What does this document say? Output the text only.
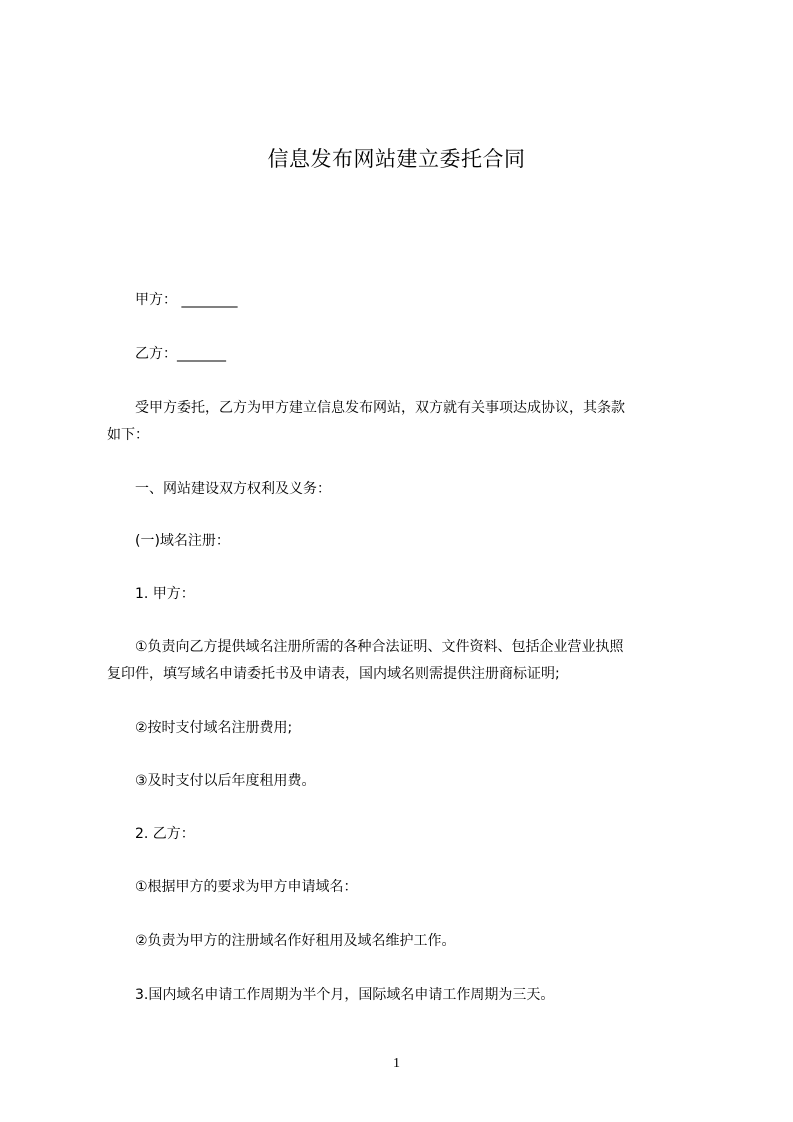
信息发布网站建立委托合同
甲方： ________
乙方：_______
受甲方委托，乙方为甲方建立信息发布网站，双方就有关事项达成协议，其条款
如下：
一、网站建设双方权利及义务：
(一)域名注册：
1. 甲方：
①负责向乙方提供域名注册所需的各种合法证明、文件资料、包括企业营业执照
复印件，填写域名申请委托书及申请表，国内域名则需提供注册商标证明;
②按时支付域名注册费用;
③及时支付以后年度租用费。
2. 乙方：
①根据甲方的要求为甲方申请域名：
②负责为甲方的注册域名作好租用及域名维护工作。
3.国内域名申请工作周期为半个月，国际域名申请工作周期为三天。
1
